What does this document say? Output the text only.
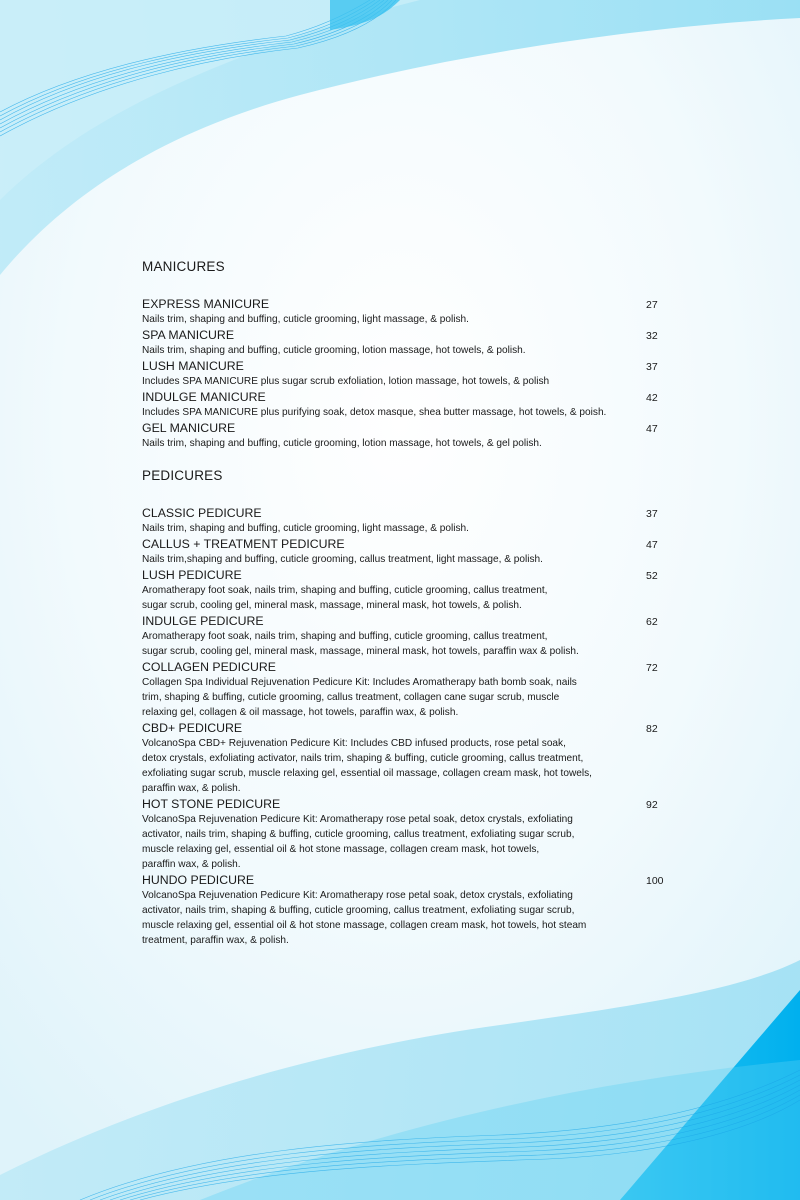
MANICURES
EXPRESS MANICURE
Nails trim, shaping and buffing, cuticle grooming, light massage, & polish.
27
SPA MANICURE
Nails trim, shaping and buffing, cuticle grooming, lotion massage, hot towels, & polish.
32
LUSH MANICURE
Includes SPA MANICURE plus sugar scrub exfoliation, lotion massage, hot towels, & polish
37
INDULGE MANICURE
Includes SPA MANICURE plus purifying soak, detox masque, shea butter massage, hot towels, & poish.
42
GEL MANICURE
Nails trim, shaping and buffing, cuticle grooming, lotion massage, hot towels, & gel polish.
47
PEDICURES
CLASSIC PEDICURE
Nails trim, shaping and buffing, cuticle grooming, light massage, & polish.
37
CALLUS + TREATMENT PEDICURE
Nails trim,shaping and buffing, cuticle grooming, callus treatment, light massage, & polish.
47
LUSH PEDICURE
Aromatherapy foot soak, nails trim, shaping and buffing, cuticle grooming, callus treatment,
sugar scrub, cooling gel, mineral mask, massage, mineral mask, hot towels, & polish.
52
INDULGE PEDICURE
Aromatherapy foot soak, nails trim, shaping and buffing, cuticle grooming, callus treatment,
sugar scrub, cooling gel, mineral mask, massage, mineral mask, hot towels, paraffin wax & polish.
62
COLLAGEN PEDICURE
Collagen Spa Individual Rejuvenation Pedicure Kit: Includes Aromatherapy bath bomb soak, nails
trim, shaping & buffing, cuticle grooming, callus treatment, collagen cane sugar scrub, muscle
relaxing gel, collagen & oil massage, hot towels, paraffin wax, & polish.
72
CBD+ PEDICURE
VolcanoSpa CBD+ Rejuvenation Pedicure Kit: Includes CBD infused products, rose petal soak,
detox crystals, exfoliating activator, nails trim, shaping & buffing, cuticle grooming, callus treatment,
exfoliating sugar scrub, muscle relaxing gel, essential oil massage, collagen cream mask, hot towels,
paraffin wax, & polish.
82
HOT STONE PEDICURE
VolcanoSpa Rejuvenation Pedicure Kit: Aromatherapy rose petal soak, detox crystals, exfoliating
activator, nails trim, shaping & buffing, cuticle grooming, callus treatment, exfoliating sugar scrub,
muscle relaxing gel, essential oil & hot stone massage, collagen cream mask, hot towels,
paraffin wax, & polish.
92
HUNDO PEDICURE
VolcanoSpa Rejuvenation Pedicure Kit: Aromatherapy rose petal soak, detox crystals, exfoliating
activator, nails trim, shaping & buffing, cuticle grooming, callus treatment, exfoliating sugar scrub,
muscle relaxing gel, essential oil & hot stone massage, collagen cream mask, hot towels, hot steam
treatment, paraffin wax, & polish.
100
